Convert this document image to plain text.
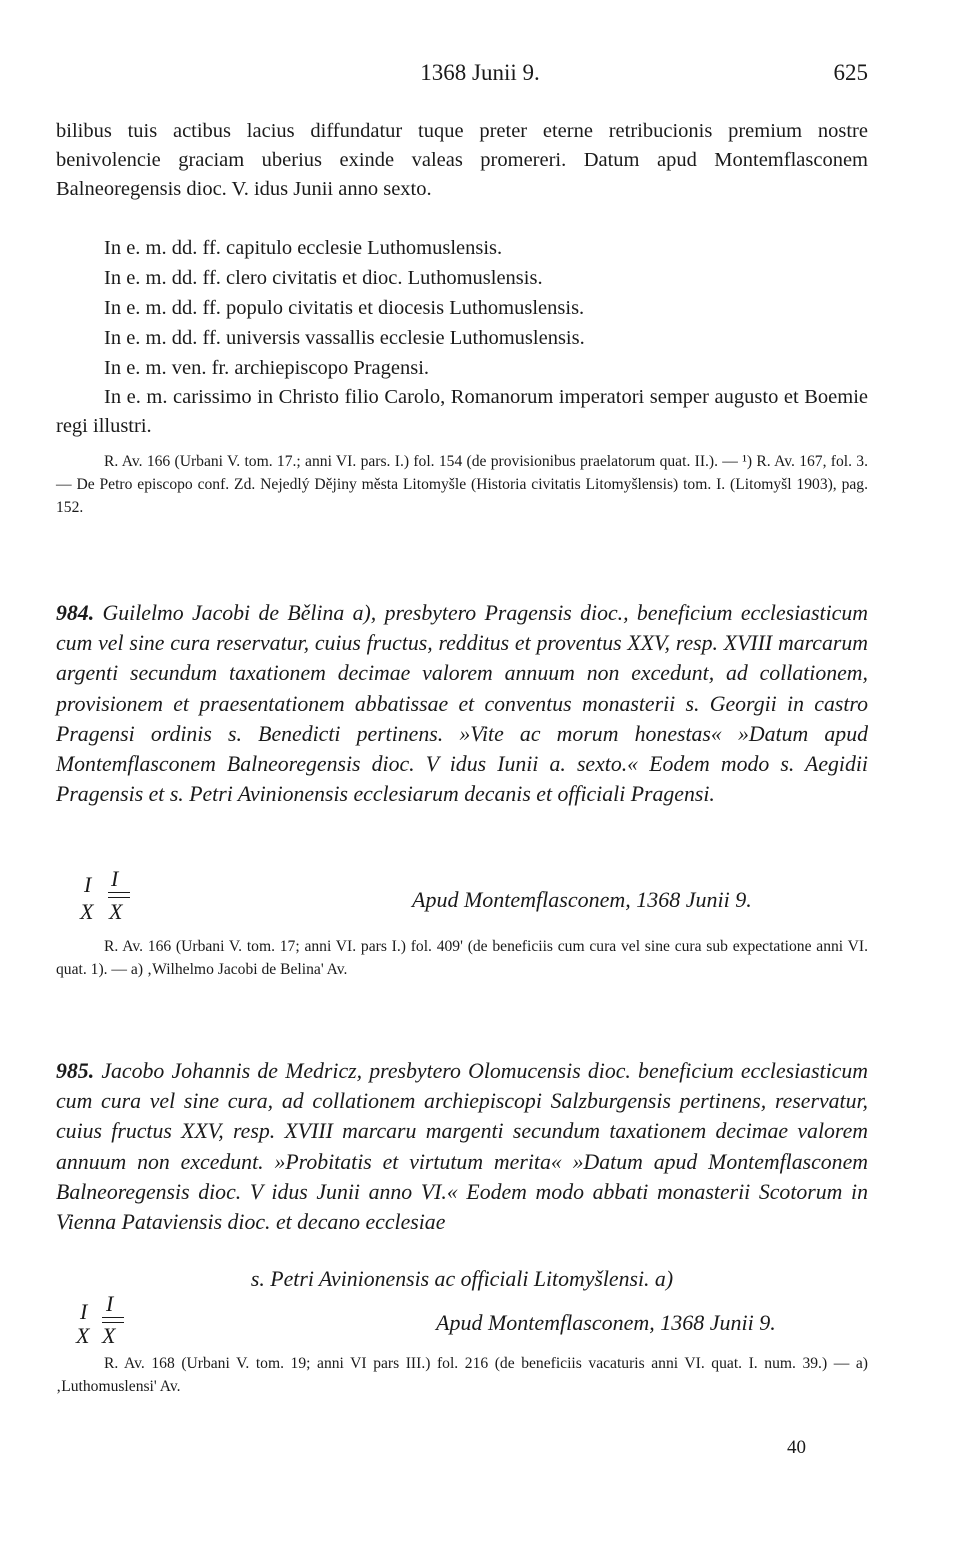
1368 Junii 9.	625

bilibus tuis actibus lacius diffundatur tuque preter eterne retribucionis premium nostre benivolencie graciam uberius exinde valeas promereri. Datum apud Montemflasconem Balneoregensis dioc. V. idus Junii anno sexto.

In e. m. dd. ff. capitulo ecclesie Luthomuslensis.
In e. m. dd. ff. clero civitatis et dioc. Luthomuslensis.
In e. m. dd. ff. populo civitatis et diocesis Luthomuslensis.
In e. m. dd. ff. universis vassallis ecclesie Luthomuslensis.
In e. m. ven. fr. archiepiscopo Pragensi.

In e. m. carissimo in Christo filio Carolo, Romanorum imperatori semper augusto et Boemie regi illustri.

R. Av. 166 (Urbani V. tom. 17.; anni VI. pars. I.) fol. 154 (de provisionibus praelatorum quat. II.). — ¹) R. Av. 167, fol. 3. — De Petro episcopo conf. Zd. Nejedlý Dějiny města Litomyšle (Historia civitatis Litomyšlensis) tom. I. (Litomyšl 1903), pag. 152.

984. Guilelmo Jacobi de Bělina a), presbytero Pragensis dioc., beneficium ecclesiasticum cum vel sine cura reservatur, cuius fructus, redditus et proventus XXV, resp. XVIII marcarum argenti secundum taxationem decimae valorem annuum non excedunt, ad collationem, provisionem et praesentationem abbatissae et conventus monasterii s. Georgii in castro Pragensi ordinis s. Benedicti pertinens. »Vite ac morum honestas« »Datum apud Montemflasconem Balneoregensis dioc. V idus Iunii a. sexto.« Eodem modo s. Aegidii Pragensis et s. Petri Avinionensis ecclesiarum decanis et officiali Pragensi.
I I
X X	Apud Montemflasconem, 1368 Junii 9.

R. Av. 166 (Urbani V. tom. 17; anni VI. pars I.) fol. 409' (de beneficiis cum cura vel sine cura sub expectatione anni VI. quat. 1). — a) ‚Wilhelmo Jacobi de Belina' Av.

985. Jacobo Johannis de Medricz, presbytero Olomucensis dioc. beneficium ecclesiasticum cum cura vel sine cura, ad collationem archiepiscopi Salzburgensis pertinens, reservatur, cuius fructus XXV, resp. XVIII marcaru margenti secundum taxationem decimae valorem annuum non excedunt. »Probitatis et virtutum merita« »Datum apud Montemflasconem Balneoregensis dioc. V idus Junii anno VI.« Eodem modo abbati monasterii Scotorum in Vienna Pataviensis dioc. et decano ecclesiae
s. Petri Avinionensis ac officiali Litomyšlensi. a)
I I
X X
Apud Montemflasconem, 1368 Junii 9.

R. Av. 168 (Urbani V. tom. 19; anni VI pars III.) fol. 216 (de beneficiis vacaturis anni VI. quat. I. num. 39.) — a) ‚Luthomuslensi' Av.

40
